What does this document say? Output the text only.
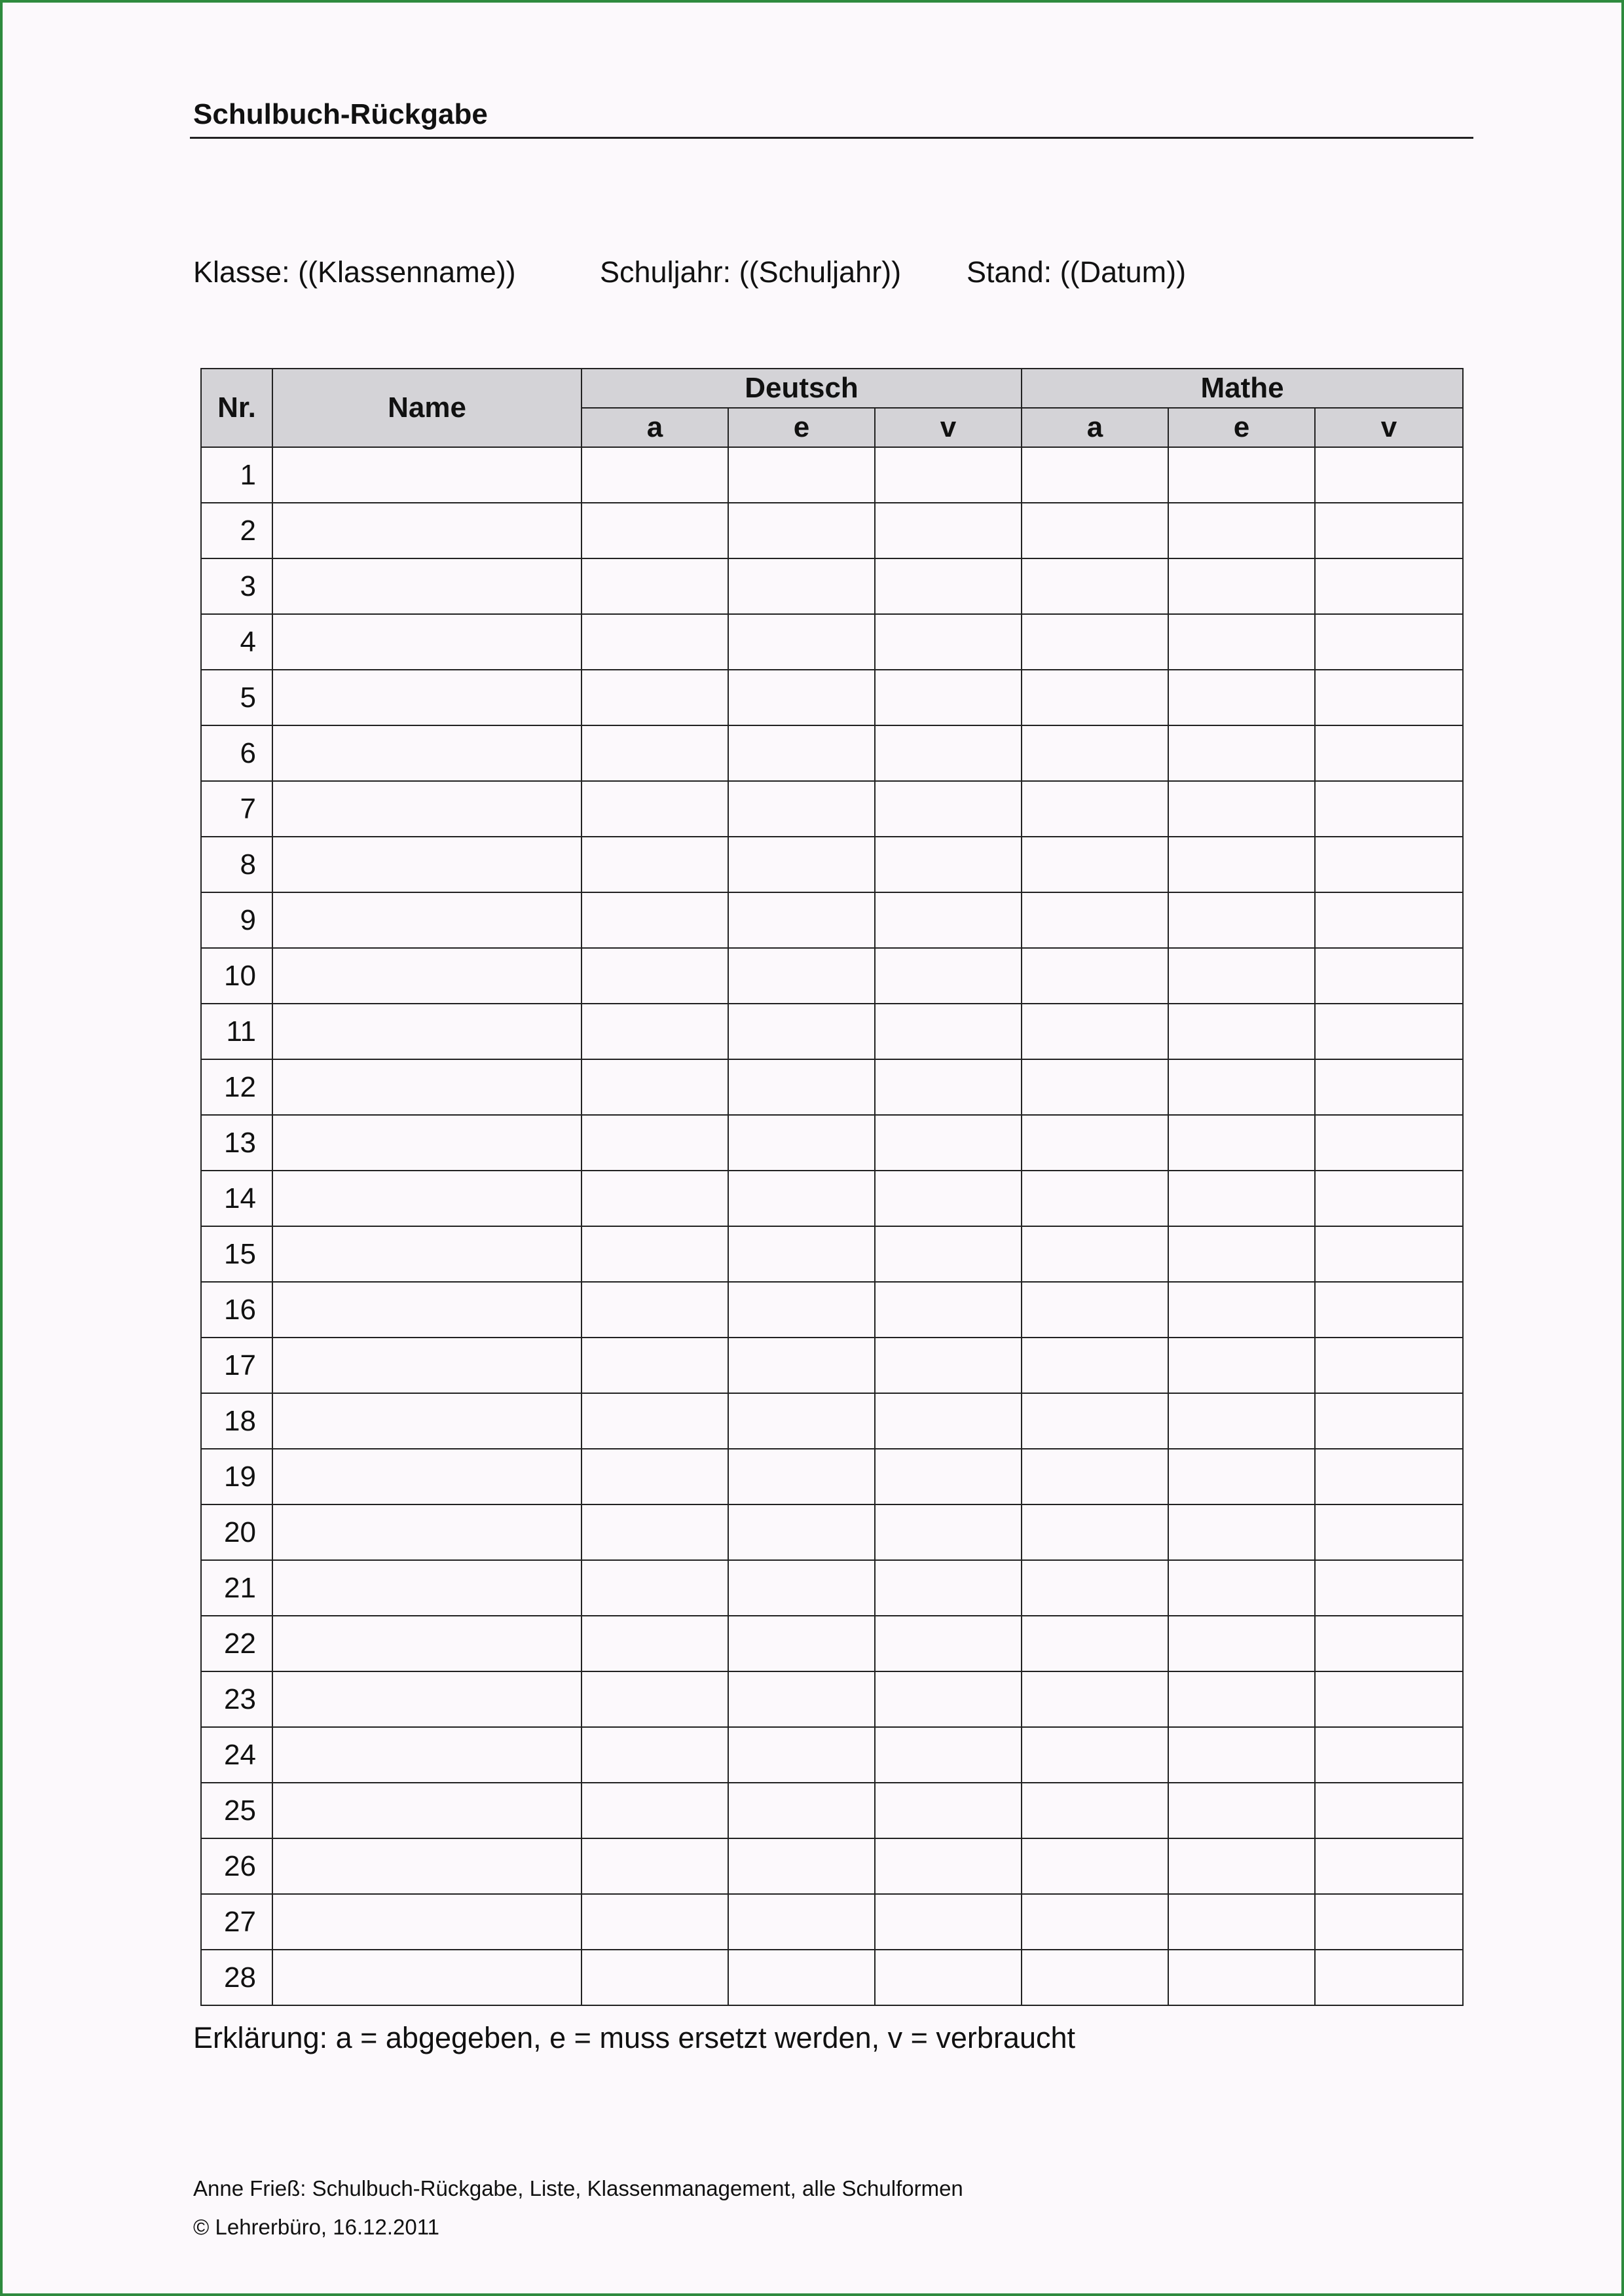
Schulbuch-Rückgabe
Klasse: ((Klassenname))	Schuljahr: ((Schuljahr)) Stand: ((Datum))
Nr.	Name	Deutsch			Mathe		
		a	e	v	a	e	v
1							
2							
3							
4							
5							
6							
7							
8							
9							
10							
11							
12							
13							
14							
15							
16							
17							
18							
19							
20							
21							
22							
23							
24							
25							
26							
27							
28							
Erklärung: a = abgegeben, e = muss ersetzt werden, v = verbraucht
Anne Frieß: Schulbuch-Rückgabe, Liste, Klassenmanagement, alle Schulformen
© Lehrerbüro, 16.12.2011
